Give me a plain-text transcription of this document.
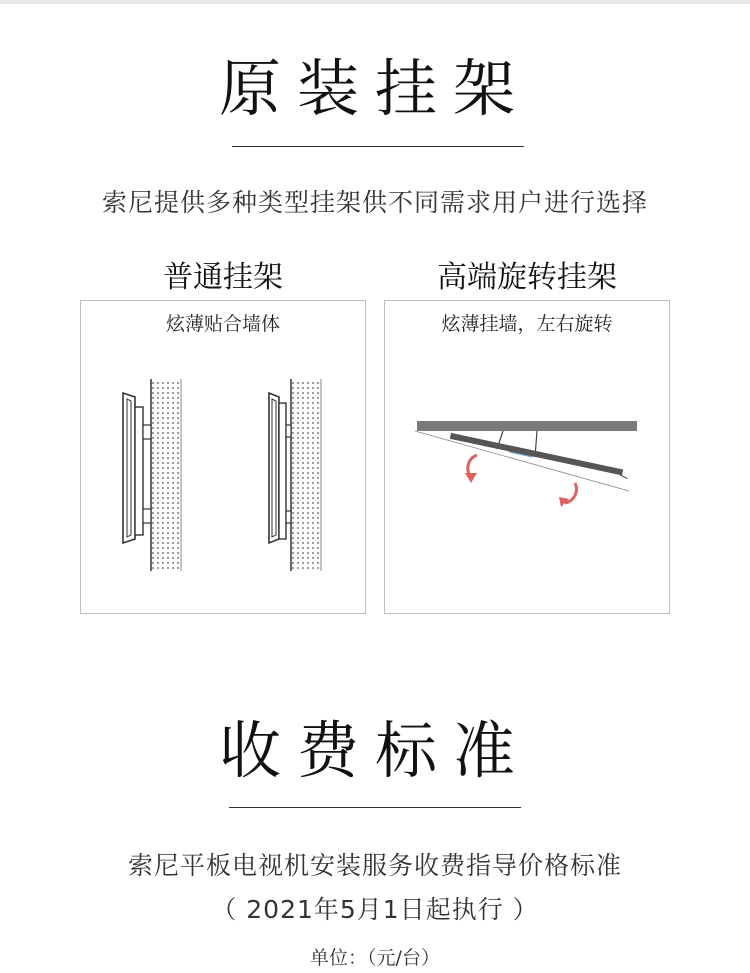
原装挂架
索尼提供多种类型挂架供不同需求用户进行选择
普通挂架
炫薄贴合墙体
高端旋转挂架
炫薄挂墙，左右旋转
收费标准
索尼平板电视机安装服务收费指导价格标准
（ 2021年5月1日起执行 ）
单位：（元/台）
